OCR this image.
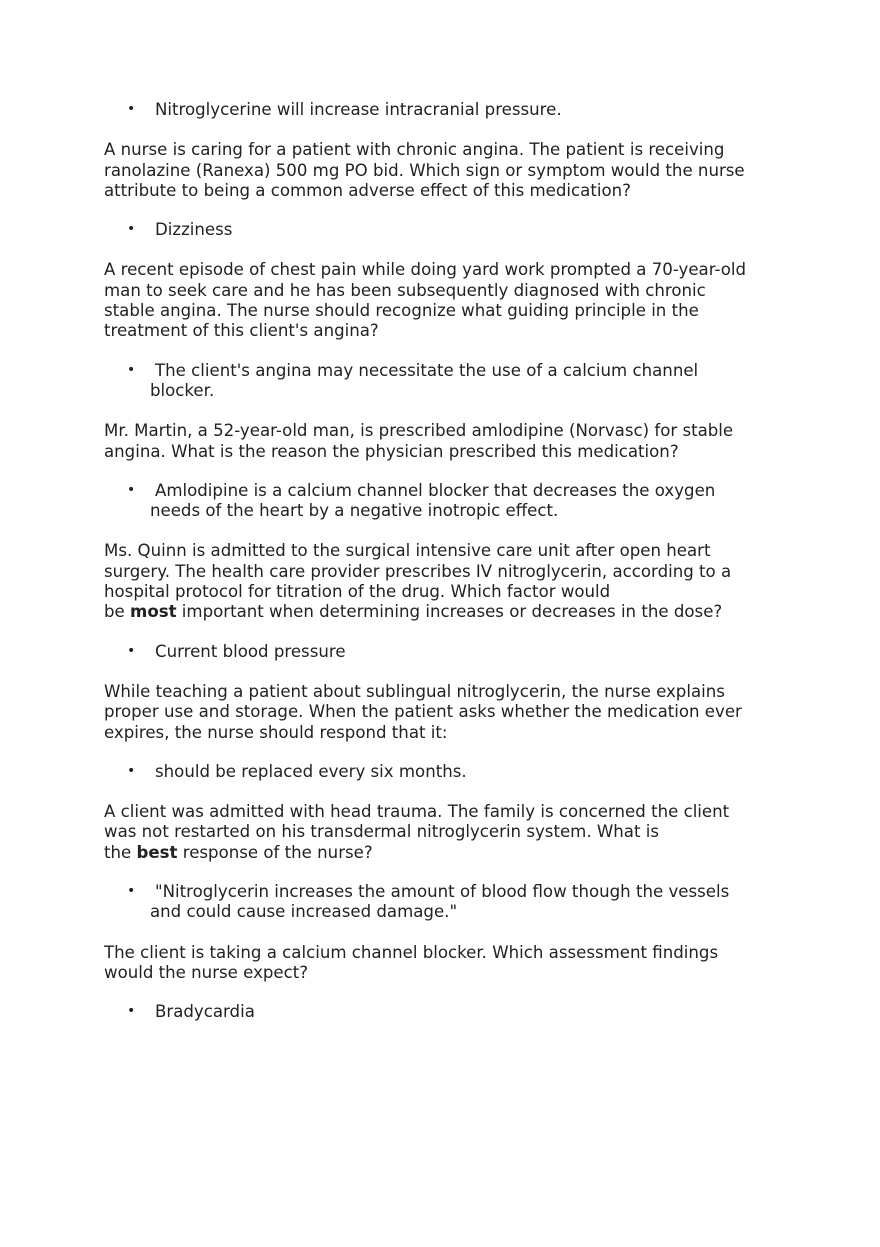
• Nitroglycerine will increase intracranial pressure.
A nurse is caring for a patient with chronic angina. The patient is receiving
ranolazine (Ranexa) 500 mg PO bid. Which sign or symptom would the nurse
attribute to being a common adverse effect of this medication?
• Dizziness
A recent episode of chest pain while doing yard work prompted a 70-year-old
man to seek care and he has been subsequently diagnosed with chronic
stable angina. The nurse should recognize what guiding principle in the
treatment of this client's angina?
• The client's angina may necessitate the use of a calcium channel
blocker.
Mr. Martin, a 52-year-old man, is prescribed amlodipine (Norvasc) for stable
angina. What is the reason the physician prescribed this medication?
• Amlodipine is a calcium channel blocker that decreases the oxygen
needs of the heart by a negative inotropic effect.
Ms. Quinn is admitted to the surgical intensive care unit after open heart
surgery. The health care provider prescribes IV nitroglycerin, according to a
hospital protocol for titration of the drug. Which factor would
be most important when determining increases or decreases in the dose?
• Current blood pressure
While teaching a patient about sublingual nitroglycerin, the nurse explains
proper use and storage. When the patient asks whether the medication ever
expires, the nurse should respond that it:
• should be replaced every six months.
A client was admitted with head trauma. The family is concerned the client
was not restarted on his transdermal nitroglycerin system. What is
the best response of the nurse?
• "Nitroglycerin increases the amount of blood flow though the vessels
and could cause increased damage."
The client is taking a calcium channel blocker. Which assessment findings
would the nurse expect?
• Bradycardia
